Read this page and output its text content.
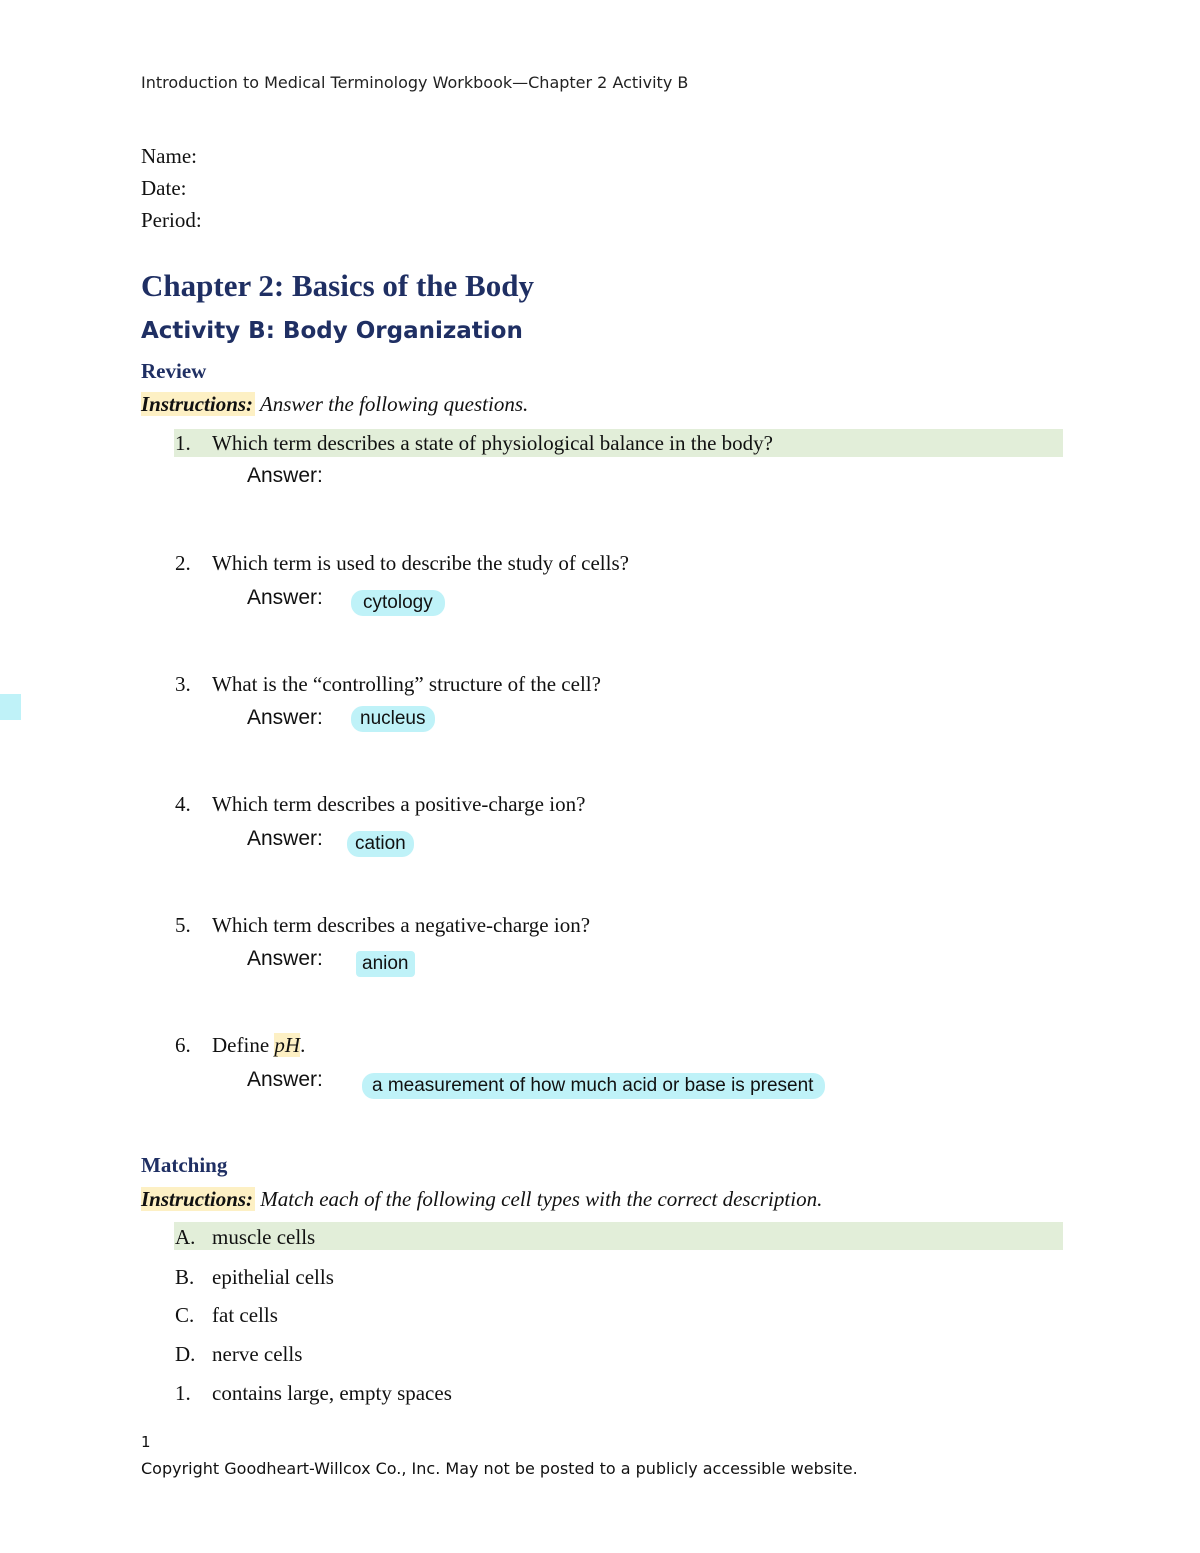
Introduction to Medical Terminology Workbook—Chapter 2 Activity B
Name:
Date:
Period:
Chapter 2: Basics of the Body
Activity B: Body Organization
Review
Instructions: Answer the following questions.
1. Which term describes a state of physiological balance in the body?
Answer:
2. Which term is used to describe the study of cells?
Answer:	cytology
3. What is the “controlling” structure of the cell?
Answer:	nucleus
4. Which term describes a positive-charge ion?
Answer:	cation
5. Which term describes a negative-charge ion?
Answer:	anion
6. Define pH.
Answer:	a measurement of how much acid or base is present
Matching
Instructions: Match each of the following cell types with the correct description.
A. muscle cells
B. epithelial cells
C. fat cells
D. nerve cells
1. contains large, empty spaces
1
Copyright Goodheart-Willcox Co., Inc. May not be posted to a publicly accessible website.
